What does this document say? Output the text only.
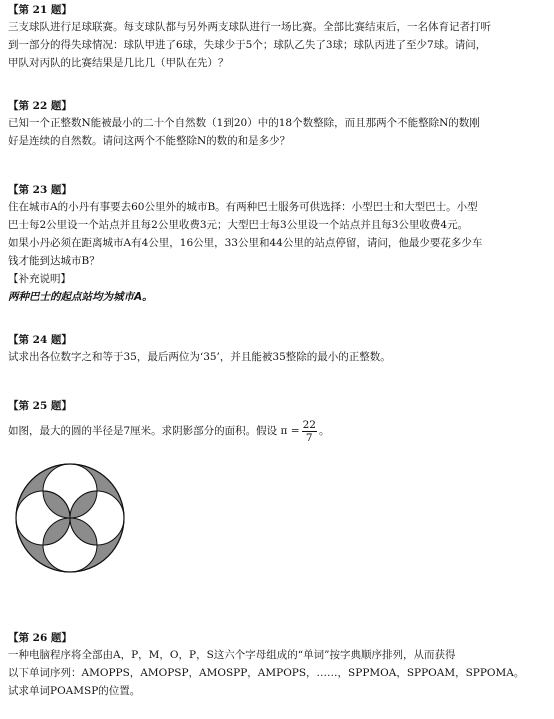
【第 21 题】
三支球队进行足球联赛。每支球队都与另外两支球队进行一场比赛。全部比赛结束后，一名体育记者打听
到一部分的得失球情况：球队甲进了6球，失球少于5个；球队乙失了3球；球队丙进了至少7球。请问，
甲队对丙队的比赛结果是几比几（甲队在先）？
【第 22 题】
已知一个正整数N能被最小的二十个自然数（1到20）中的18个数整除，而且那两个不能整除N的数刚
好是连续的自然数。请问这两个不能整除N的数的和是多少？
【第 23 题】
住在城市A的小丹有事要去60公里外的城市B。有两种巴士服务可供选择：小型巴士和大型巴士。小型
巴士每2公里设一个站点并且每2公里收费3元；大型巴士每3公里设一个站点并且每3公里收费4元。
如果小丹必须在距离城市A有4公里，16公里，33公里和44公里的站点停留，请问，他最少要花多少车
钱才能到达城市B？
【补充说明】
两种巴士的起点站均为城市A。
【第 24 题】
试求出各位数字之和等于35，最后两位为‘35’，并且能被35整除的最小的正整数。
【第 25 题】
如图，最大的圆的半径是7厘米。求阴影部分的面积。假设 $\pi = \frac{22}{7}$ 。
【第 26 题】
一种电脑程序将全部由A，P，M，O，P，S这六个字母组成的“单词”按字典顺序排列，从而获得
以下单词序列：AMOPPS，AMOPSP，AMOSPP，AMPOPS，……，SPPMOA，SPPOAM，SPPOMA。
试求单词POAMSP的位置。
